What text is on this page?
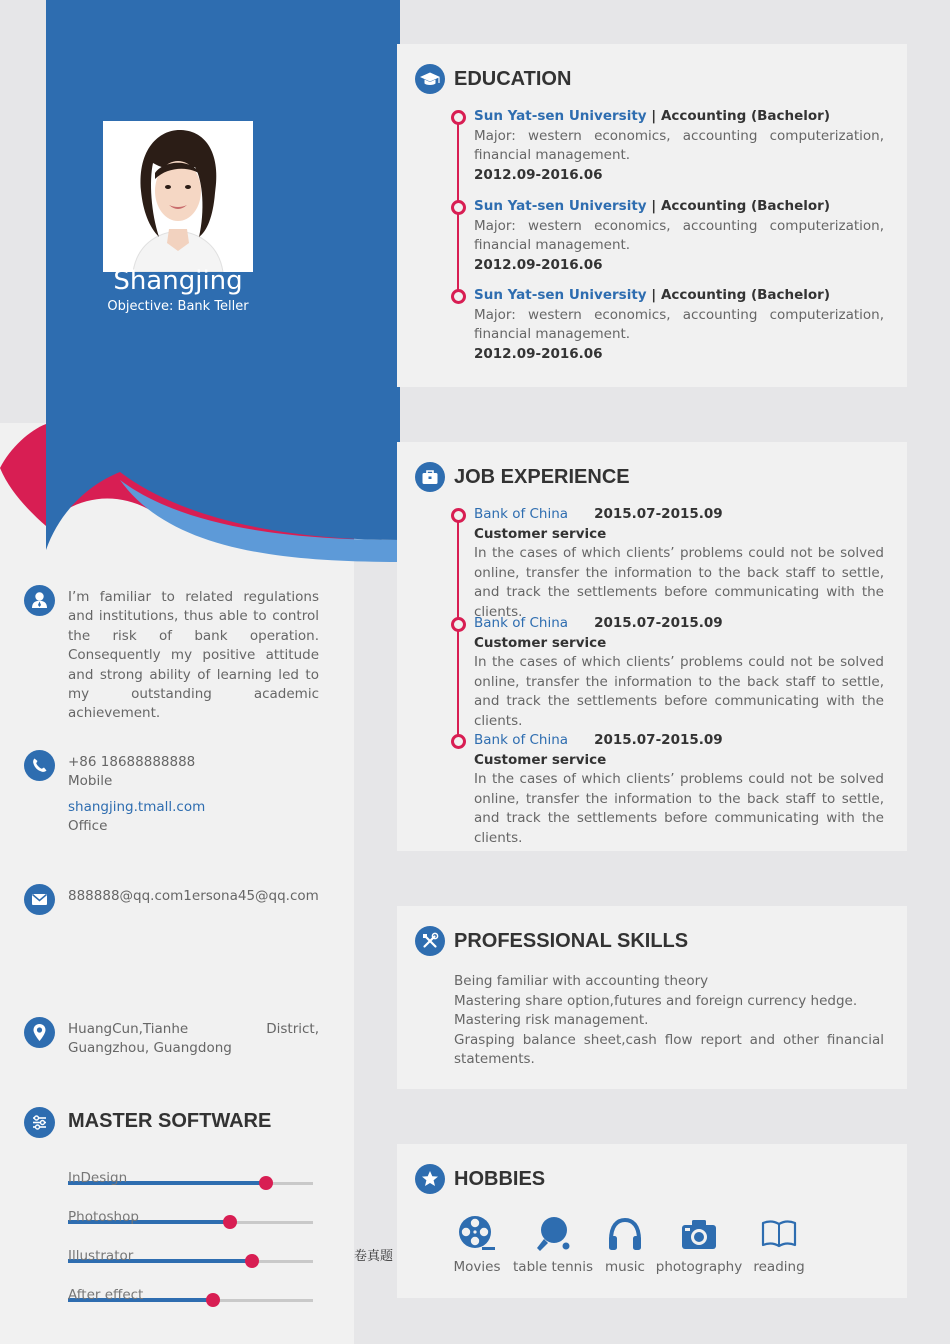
Shangjing
Objective: Bank Teller
I’m familiar to related regulations and institutions, thus able to control the risk of bank operation. Consequently my positive attitude and strong ability of learning led to my outstanding academic achievement.
+86 18688888888
Mobile
shangjing.tmall.com
Office
888888@qq.com1ersona45@qq.com
HuangCun,Tianhe District, Guangzhou, Guangdong
MASTER SOFTWARE
InDesign
Photoshop
Illustrator
After effect
卷真题
EDUCATION
Sun Yat-sen University | Accounting (Bachelor)
Major: western economics, accounting computerization, financial management.
2012.09-2016.06
Sun Yat-sen University | Accounting (Bachelor)
Major: western economics, accounting computerization, financial management.
2012.09-2016.06
Sun Yat-sen University | Accounting (Bachelor)
Major: western economics, accounting computerization, financial management.
2012.09-2016.06
JOB EXPERIENCE
Bank of China 2015.07-2015.09
Customer service
In the cases of which clients’ problems could not be solved online, transfer the information to the back staff to settle, and track the settlements before communicating with the clients.
Bank of China 2015.07-2015.09
Customer service
In the cases of which clients’ problems could not be solved online, transfer the information to the back staff to settle, and track the settlements before communicating with the clients.
Bank of China 2015.07-2015.09
Customer service
In the cases of which clients’ problems could not be solved online, transfer the information to the back staff to settle, and track the settlements before communicating with the clients.
PROFESSIONAL SKILLS
Being familiar with accounting theory
Mastering share option,futures and foreign currency hedge.
Mastering risk management.
Grasping balance sheet,cash flow report and other financial statements.
HOBBIES
Movies table tennis music photography reading
